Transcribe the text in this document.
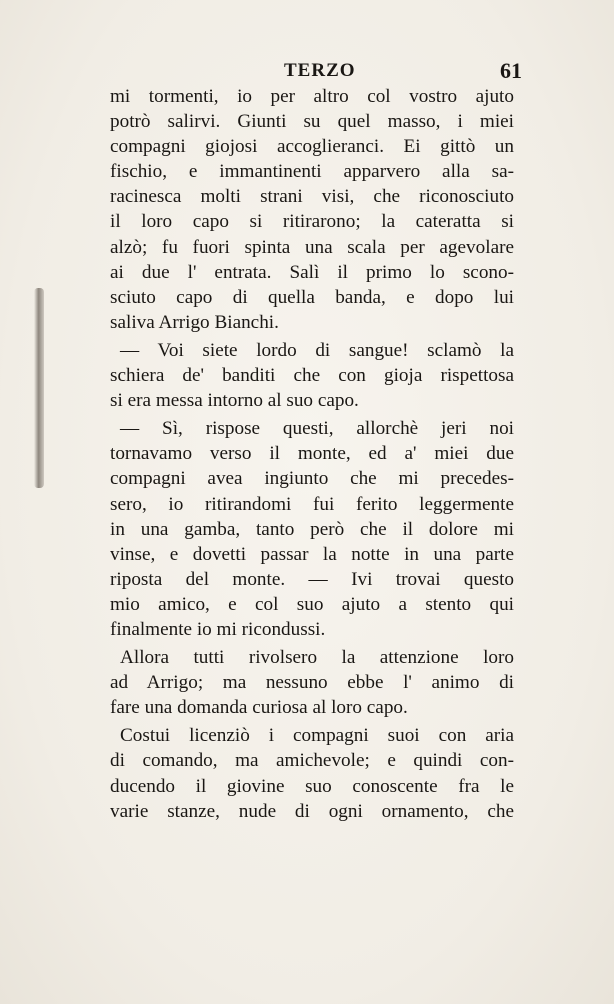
TERZO	61
mi tormenti, io per altro col vostro ajuto
potrò salirvi. Giunti su quel masso, i miei
compagni giojosi accoglieranci. Ei gittò un
fischio, e immantinenti apparvero alla sa-
racinesca molti strani visi, che riconosciuto
il loro capo si ritirarono; la cateratta si
alzò; fu fuori spinta una scala per agevolare
ai due l' entrata. Salì il primo lo scono-
sciuto capo di quella banda, e dopo lui
saliva Arrigo Bianchi.
— Voi siete lordo di sangue! sclamò la
schiera de' banditi che con gioja rispettosa
si era messa intorno al suo capo.
— Sì, rispose questi, allorchè jeri noi
tornavamo verso il monte, ed a' miei due
compagni avea ingiunto che mi precedes-
sero, io ritirandomi fui ferito leggermente
in una gamba, tanto però che il dolore mi
vinse, e dovetti passar la notte in una parte
riposta del monte. — Ivi trovai questo
mio amico, e col suo ajuto a stento qui
finalmente io mi ricondussi.
Allora tutti rivolsero la attenzione loro
ad Arrigo; ma nessuno ebbe l' animo di
fare una domanda curiosa al loro capo.
Costui licenziò i compagni suoi con aria
di comando, ma amichevole; e quindi con-
ducendo il giovine suo conoscente fra le
varie stanze, nude di ogni ornamento, che
